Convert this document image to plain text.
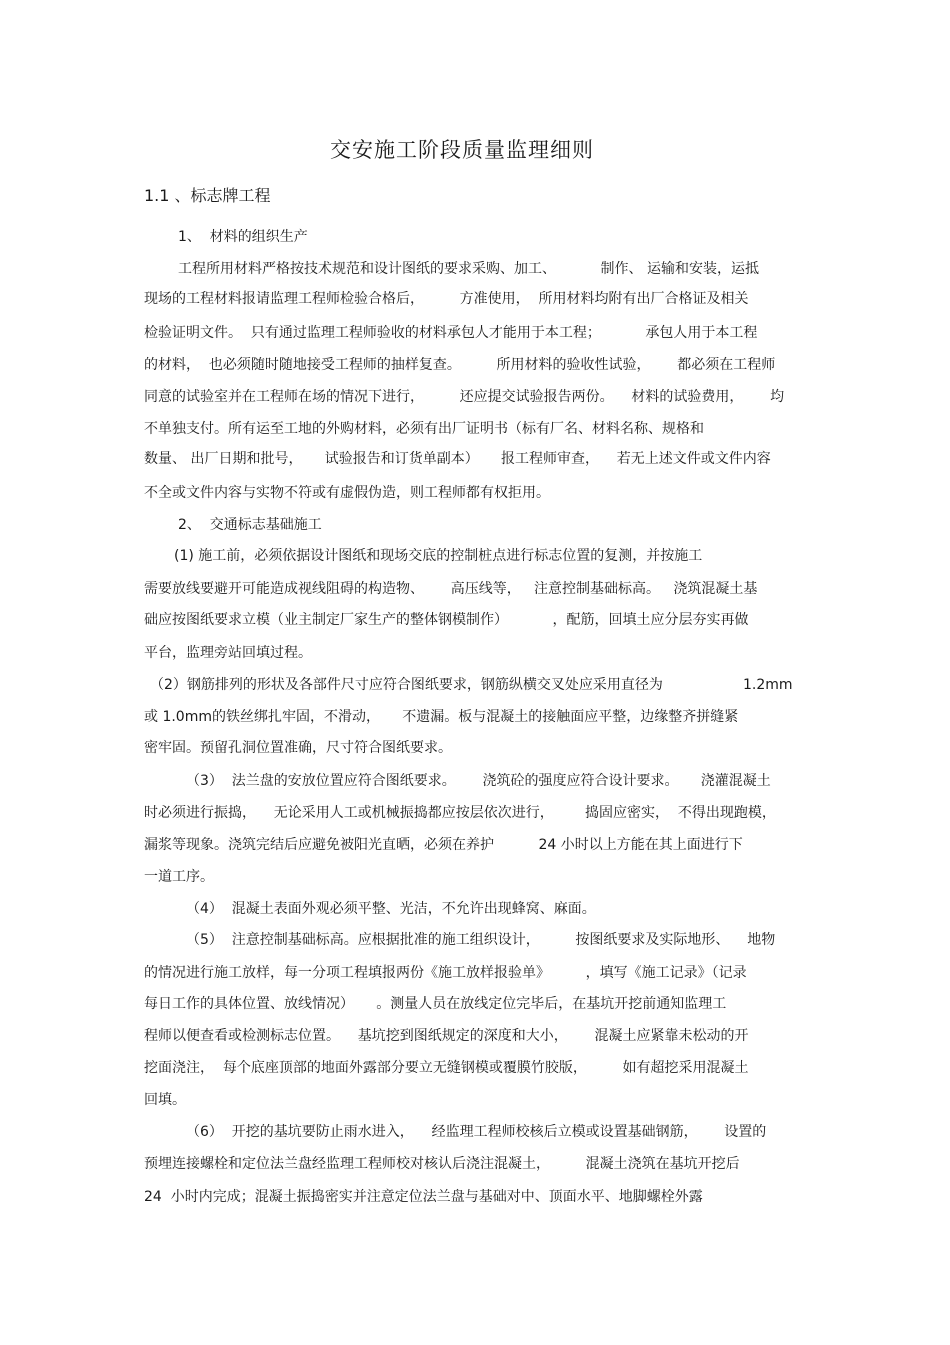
交安施工阶段质量监理细则
1.1 、标志牌工程
1、  材料的组织生产
工程所用材料严格按技术规范和设计图纸的要求采购、加工、          制作、 运输和安装，运抵
现场的工程材料报请监理工程师检验合格后，        方准使用，  所用材料均附有出厂合格证及相关
检验证明文件。  只有通过监理工程师验收的材料承包人才能用于本工程；          承包人用于本工程
的材料，  也必须随时随地接受工程师的抽样复查。        所用材料的验收性试验，      都必须在工程师
同意的试验室并在工程师在场的情况下进行，        还应提交试验报告两份。    材料的试验费用，      均
不单独支付。所有运至工地的外购材料，必须有出厂证明书（标有厂名、材料名称、规格和
数量、 出厂日期和批号，     试验报告和订货单副本）     报工程师审查，    若无上述文件或文件内容
不全或文件内容与实物不符或有虚假伪造，则工程师都有权拒用。
2、  交通标志基础施工
(1) 施工前，必须依据设计图纸和现场交底的控制桩点进行标志位置的复测，并按施工
需要放线要避开可能造成视线阻碍的构造物、      高压线等，   注意控制基础标高。   浇筑混凝土基
础应按图纸要求立模（业主制定厂家生产的整体钢模制作）          ，配筋，回填土应分层夯实再做
平台，监理旁站回填过程。
（2）钢筋排列的形状及各部件尺寸应符合图纸要求，钢筋纵横交叉处应采用直径为                  1.2mm
或 1.0mm的铁丝绑扎牢固，不滑动，     不遗漏。板与混凝土的接触面应平整，边缘整齐拼缝紧
密牢固。预留孔洞位置准确，尺寸符合图纸要求。
（3）  法兰盘的安放位置应符合图纸要求。      浇筑砼的强度应符合设计要求。     浇灌混凝土
时必须进行振捣，    无论采用人工或机械振捣都应按层依次进行，       捣固应密实，  不得出现跑模，
漏浆等现象。浇筑完结后应避免被阳光直晒，必须在养护          24 小时以上方能在其上面进行下
一道工序。
（4）  混凝土表面外观必须平整、光洁，不允许出现蜂窝、麻面。
（5）  注意控制基础标高。应根据批准的施工组织设计，        按图纸要求及实际地形、    地物
的情况进行施工放样，每一分项工程填报两份《施工放样报验单》        ，填写《施工记录》（记录
每日工作的具体位置、放线情况）     。测量人员在放线定位完毕后，在基坑开挖前通知监理工
程师以便查看或检测标志位置。    基坑挖到图纸规定的深度和大小，      混凝土应紧靠未松动的开
挖面浇注，  每个底座顶部的地面外露部分要立无缝钢模或覆膜竹胶版，        如有超挖采用混凝土
回填。
（6）  开挖的基坑要防止雨水进入，    经监理工程师校核后立模或设置基础钢筋，      设置的
预埋连接螺栓和定位法兰盘经监理工程师校对核认后浇注混凝土，        混凝土浇筑在基坑开挖后
24  小时内完成；混凝土振捣密实并注意定位法兰盘与基础对中、顶面水平、地脚螺栓外露
